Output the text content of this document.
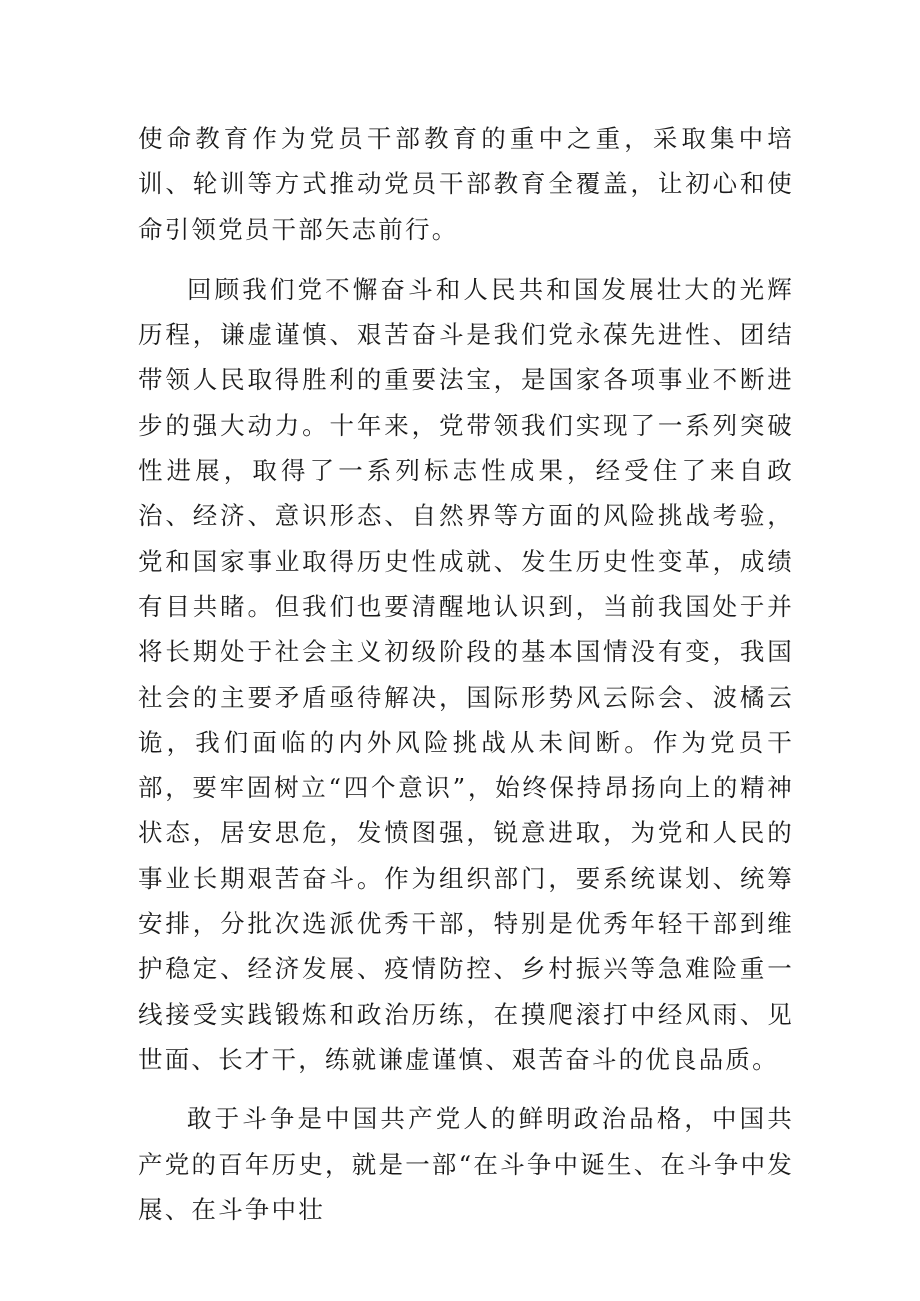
使命教育作为党员干部教育的重中之重，采取集中培训、轮训等方式推动党员干部教育全覆盖，让初心和使命引领党员干部矢志前行。

回顾我们党不懈奋斗和人民共和国发展壮大的光辉历程，谦虚谨慎、艰苦奋斗是我们党永葆先进性、团结带领人民取得胜利的重要法宝，是国家各项事业不断进步的强大动力。十年来，党带领我们实现了一系列突破性进展，取得了一系列标志性成果，经受住了来自政治、经济、意识形态、自然界等方面的风险挑战考验，党和国家事业取得历史性成就、发生历史性变革，成绩有目共睹。但我们也要清醒地认识到，当前我国处于并将长期处于社会主义初级阶段的基本国情没有变，我国社会的主要矛盾亟待解决，国际形势风云际会、波橘云诡，我们面临的内外风险挑战从未间断。作为党员干部，要牢固树立“四个意识”，始终保持昂扬向上的精神状态，居安思危，发愤图强，锐意进取，为党和人民的事业长期艰苦奋斗。作为组织部门，要系统谋划、统筹安排，分批次选派优秀干部，特别是优秀年轻干部到维护稳定、经济发展、疫情防控、乡村振兴等急难险重一线接受实践锻炼和政治历练，在摸爬滚打中经风雨、见世面、长才干，练就谦虚谨慎、艰苦奋斗的优良品质。

敢于斗争是中国共产党人的鲜明政治品格，中国共产党的百年历史，就是一部“在斗争中诞生、在斗争中发展、在斗争中壮
